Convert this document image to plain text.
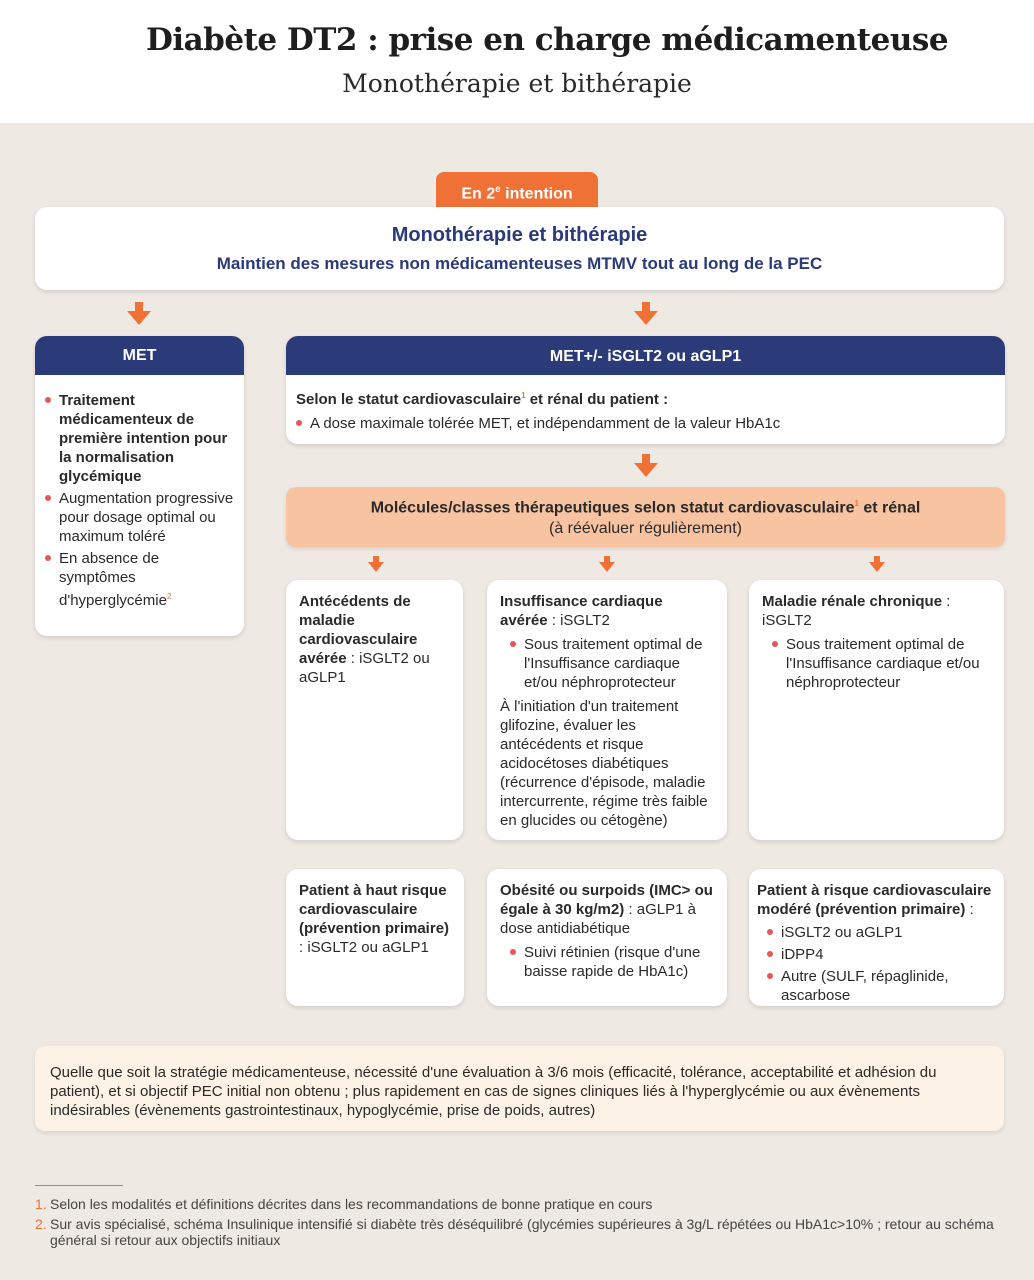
Diabète DT2 : prise en charge médicamenteuse
Monothérapie et bithérapie
En 2e intention
Monothérapie et bithérapie
Maintien des mesures non médicamenteuses MTMV tout au long de la PEC
MET
Traitement médicamenteux de première intention pour la normalisation glycémique
Augmentation progressive pour dosage optimal ou maximum toléré
En absence de symptômes d'hyperglycémie$^2$
MET+/- iSGLT2 ou aGLP1
Selon le statut cardiovasculaire$^1$ et rénal du patient :
A dose maximale tolérée MET, et indépendamment de la valeur HbA1c
Molécules/classes thérapeutiques selon statut cardiovasculaire$^1$ et rénal
(à réévaluer régulièrement)
Antécédents de maladie cardiovasculaire avérée : iSGLT2 ou aGLP1
Insuffisance cardiaque avérée : iSGLT2
Sous traitement optimal de l'Insuffisance cardiaque et/ou néphroprotecteur
À l'initiation d'un traitement glifozine, évaluer les antécédents et risque acidocétoses diabétiques (récurrence d'épisode, maladie intercurrente, régime très faible en glucides ou cétogène)
Maladie rénale chronique : iSGLT2
Sous traitement optimal de l'Insuffisance cardiaque et/ou néphroprotecteur
Patient à haut risque cardiovasculaire (prévention primaire) : iSGLT2 ou aGLP1
Obésité ou surpoids (IMC> ou égale à 30 kg/m2) : aGLP1 à dose antidiabétique
Suivi rétinien (risque d'une baisse rapide de HbA1c)
Patient à risque cardiovasculaire modéré (prévention primaire) :
iSGLT2 ou aGLP1
iDPP4
Autre (SULF, répaglinide, ascarbose
Quelle que soit la stratégie médicamenteuse, nécessité d'une évaluation à 3/6 mois (efficacité, tolérance, acceptabilité et adhésion du patient), et si objectif PEC initial non obtenu ; plus rapidement en cas de signes cliniques liés à l'hyperglycémie ou aux évènements indésirables (évènements gastrointestinaux, hypoglycémie, prise de poids, autres)
1. Selon les modalités et définitions décrites dans les recommandations de bonne pratique en cours
2. Sur avis spécialisé, schéma Insulinique intensifié si diabète très déséquilibré (glycémies supérieures à 3g/L répétées ou HbA1c>10% ; retour au schéma général si retour aux objectifs initiaux
